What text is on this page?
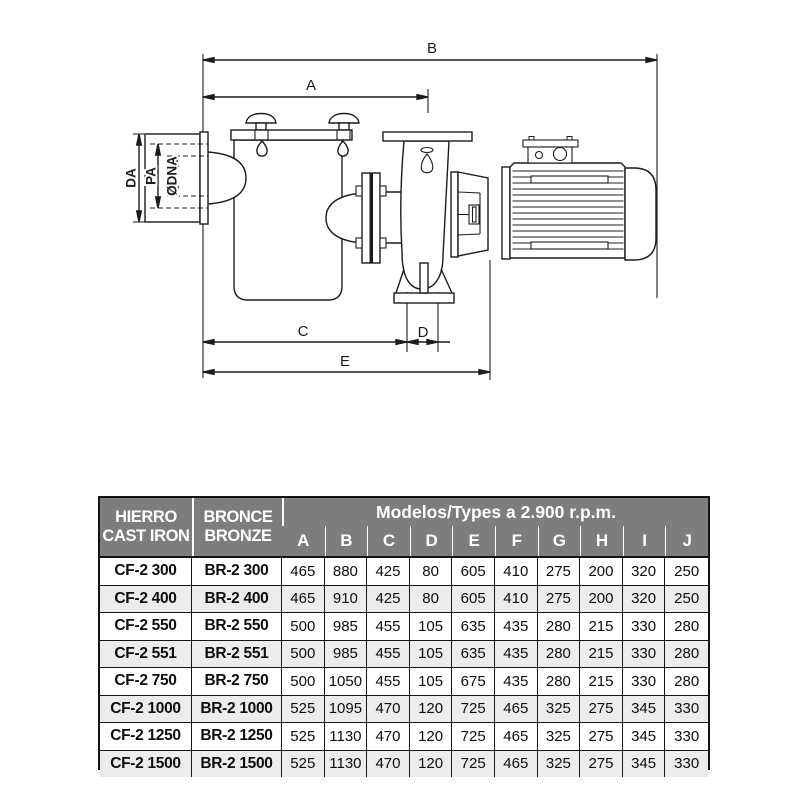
B
A
C	D
E
DA PA ØDNA
HIERRO
CAST IRON
BRONCE
BRONZE
Modelos/Types a 2.900 r.p.m.
A	B	C	D	E	F	G	H	I	J
CF-2 300	BR-2 300	465	880	425	80	605	410	275	200	320	250
CF-2 400	BR-2 400	465	910	425	80	605	410	275	200	320	250
CF-2 550	BR-2 550	500	985	455	105	635	435	280	215	330	280
CF-2 551	BR-2 551	500	985	455	105	635	435	280	215	330	280
CF-2 750	BR-2 750	500 1050 455	105	675	435	280	215	330	280
CF-2 1000	BR-2 1000	525 1095 470	120	725	465	325	275	345	330
CF-2 1250	BR-2 1250	525 1130 470	120	725	465	325	275	345	330
CF-2 1500	BR-2 1500	525 1130 470	120	725	465	325	275	345	330
